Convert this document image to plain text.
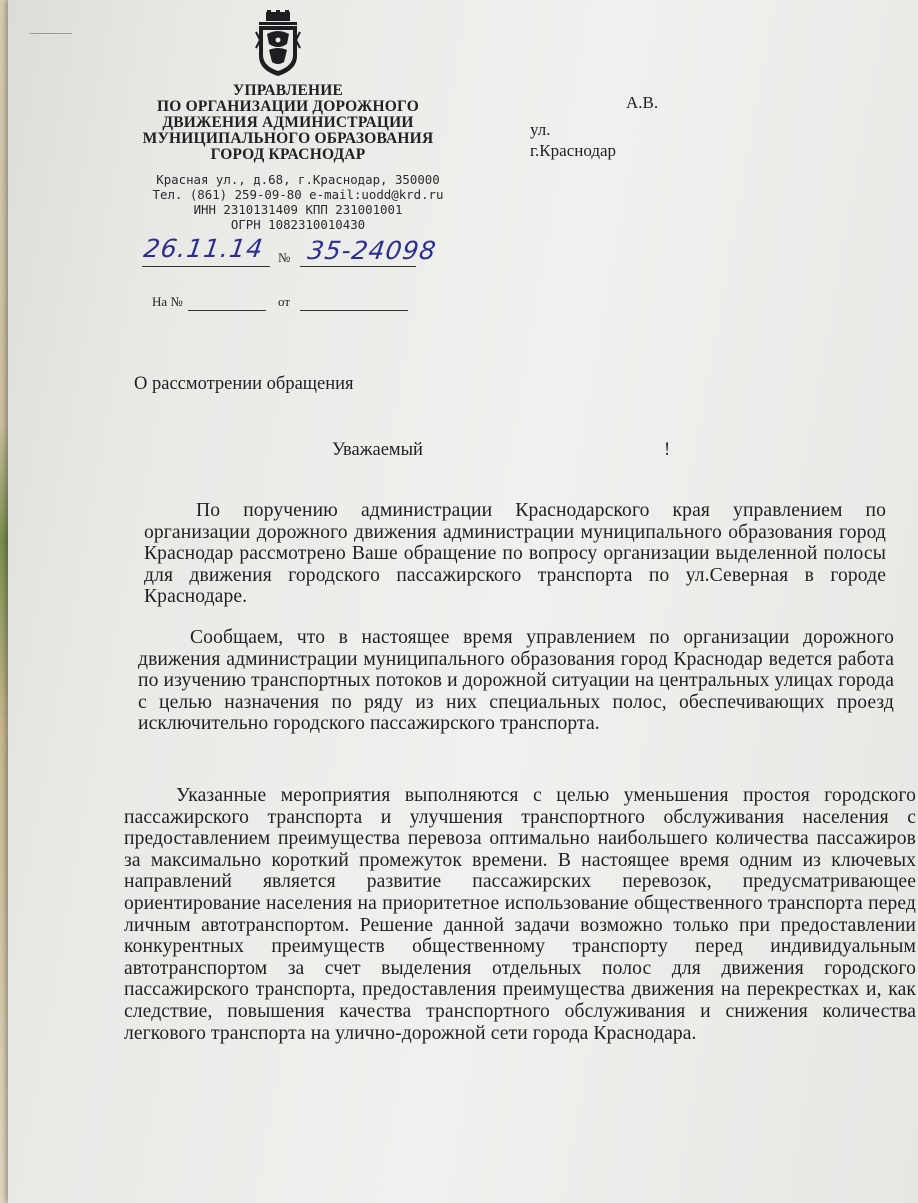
УПРАВЛЕНИЕ
ПО ОРГАНИЗАЦИИ ДОРОЖНОГО
ДВИЖЕНИЯ АДМИНИСТРАЦИИ
МУНИЦИПАЛЬНОГО ОБРАЗОВАНИЯ
ГОРОД КРАСНОДАР
Красная ул., д.68, г.Краснодар, 350000
Тел. (861) 259-09-80 e-mail:uodd@krd.ru
ИНН 2310131409 КПП 231001001
ОГРН 1082310010430
26.11.14 № 35-24098
На №	от
А.В.
ул.
г.Краснодар
О рассмотрении обращения
Уважаемый	!

По поручению администрации Краснодарского края управлением по организации дорожного движения администрации муниципального образования город Краснодар рассмотрено Ваше обращение по вопросу организации выделенной полосы для движения городского пассажирского транспорта по ул.Северная в городе Краснодаре.

Сообщаем, что в настоящее время управлением по организации дорожного движения администрации муниципального образования город Краснодар ведется работа по изучению транспортных потоков и дорожной ситуации на центральных улицах города с целью назначения по ряду из них специальных полос, обеспечивающих проезд исключительно городского пассажирского транспорта.

Указанные мероприятия выполняются с целью уменьшения простоя городского пассажирского транспорта и улучшения транспортного обслуживания населения с предоставлением преимущества перевоза оптимально наибольшего количества пассажиров за максимально короткий промежуток времени. В настоящее время одним из ключевых направлений является развитие пассажирских перевозок, предусматривающее ориентирование населения на приоритетное использование общественного транспорта перед личным автотранспортом. Решение данной задачи возможно только при предоставлении конкурентных преимуществ общественному транспорту перед индивидуальным автотранспортом за счет выделения отдельных полос для движения городского пассажирского транспорта, предоставления преимущества движения на перекрестках и, как следствие, повышения качества транспортного обслуживания и снижения количества легкового транспорта на улично-дорожной сети города Краснодара.
